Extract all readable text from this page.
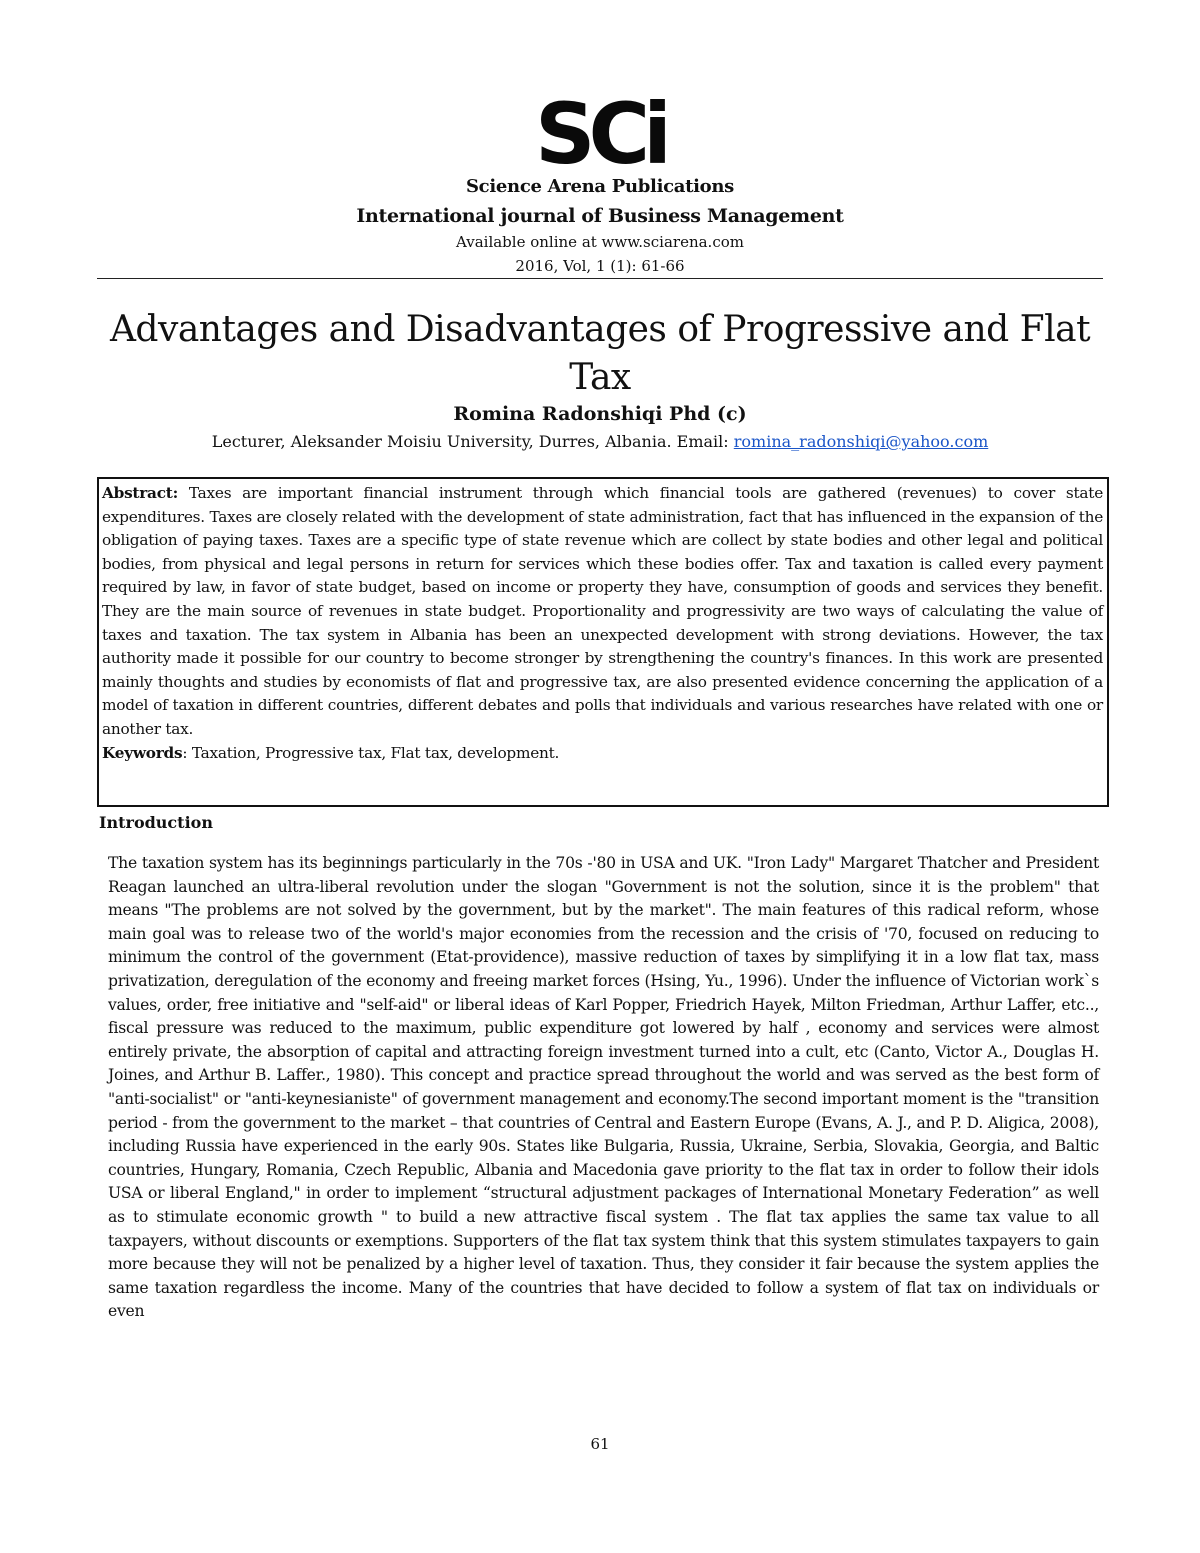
SCi
Science Arena Publications
International journal of Business Management
Available online at www.sciarena.com
2016, Vol, 1 (1): 61-66
Advantages and Disadvantages of Progressive and Flat Tax
Romina Radonshiqi Phd (c)
Lecturer, Aleksander Moisiu University, Durres, Albania. Email: romina_radonshiqi@yahoo.com

Abstract: Taxes are important financial instrument through which financial tools are gathered (revenues) to cover state expenditures. Taxes are closely related with the development of state administration, fact that has influenced in the expansion of the obligation of paying taxes. Taxes are a specific type of state revenue which are collect by state bodies and other legal and political bodies, from physical and legal persons in return for services which these bodies offer. Tax and taxation is called every payment required by law, in favor of state budget, based on income or property they have, consumption of goods and services they benefit. They are the main source of revenues in state budget. Proportionality and progressivity are two ways of calculating the value of taxes and taxation. The tax system in Albania has been an unexpected development with strong deviations. However, the tax authority made it possible for our country to become stronger by strengthening the country's finances. In this work are presented mainly thoughts and studies by economists of flat and progressive tax, are also presented evidence concerning the application of a model of taxation in different countries, different debates and polls that individuals and various researches have related with one or another tax.

Keywords: Taxation, Progressive tax, Flat tax, development.

Introduction

The taxation system has its beginnings particularly in the 70s -'80 in USA and UK. "Iron Lady" Margaret Thatcher and President Reagan launched an ultra-liberal revolution under the slogan "Government is not the solution, since it is the problem" that means "The problems are not solved by the government, but by the market". The main features of this radical reform, whose main goal was to release two of the world's major economies from the recession and the crisis of '70, focused on reducing to minimum the control of the government (Etat-providence), massive reduction of taxes by simplifying it in a low flat tax, mass privatization, deregulation of the economy and freeing market forces (Hsing, Yu., 1996). Under the influence of Victorian work`s values, order, free initiative and "self-aid" or liberal ideas of Karl Popper, Friedrich Hayek, Milton Friedman, Arthur Laffer, etc.., fiscal pressure was reduced to the maximum, public expenditure got lowered by half , economy and services were almost entirely private, the absorption of capital and attracting foreign investment turned into a cult, etc (Canto, Victor A., Douglas H. Joines, and Arthur B. Laffer., 1980). This concept and practice spread throughout the world and was served as the best form of "anti-socialist" or "anti-keynesianiste" of government management and economy.The second important moment is the "transition period - from the government to the market – that countries of Central and Eastern Europe (Evans, A. J., and P. D. Aligica, 2008), including Russia have experienced in the early 90s. States like Bulgaria, Russia, Ukraine, Serbia, Slovakia, Georgia, and Baltic countries, Hungary, Romania, Czech Republic, Albania and Macedonia gave priority to the flat tax in order to follow their idols USA or liberal England," in order to implement “structural adjustment packages of International Monetary Federation” as well as to stimulate economic growth " to build a new attractive fiscal system . The flat tax applies the same tax value to all taxpayers, without discounts or exemptions. Supporters of the flat tax system think that this system stimulates taxpayers to gain more because they will not be penalized by a higher level of taxation. Thus, they consider it fair because the system applies the same taxation regardless the income. Many of the countries that have decided to follow a system of flat tax on individuals or even

61
